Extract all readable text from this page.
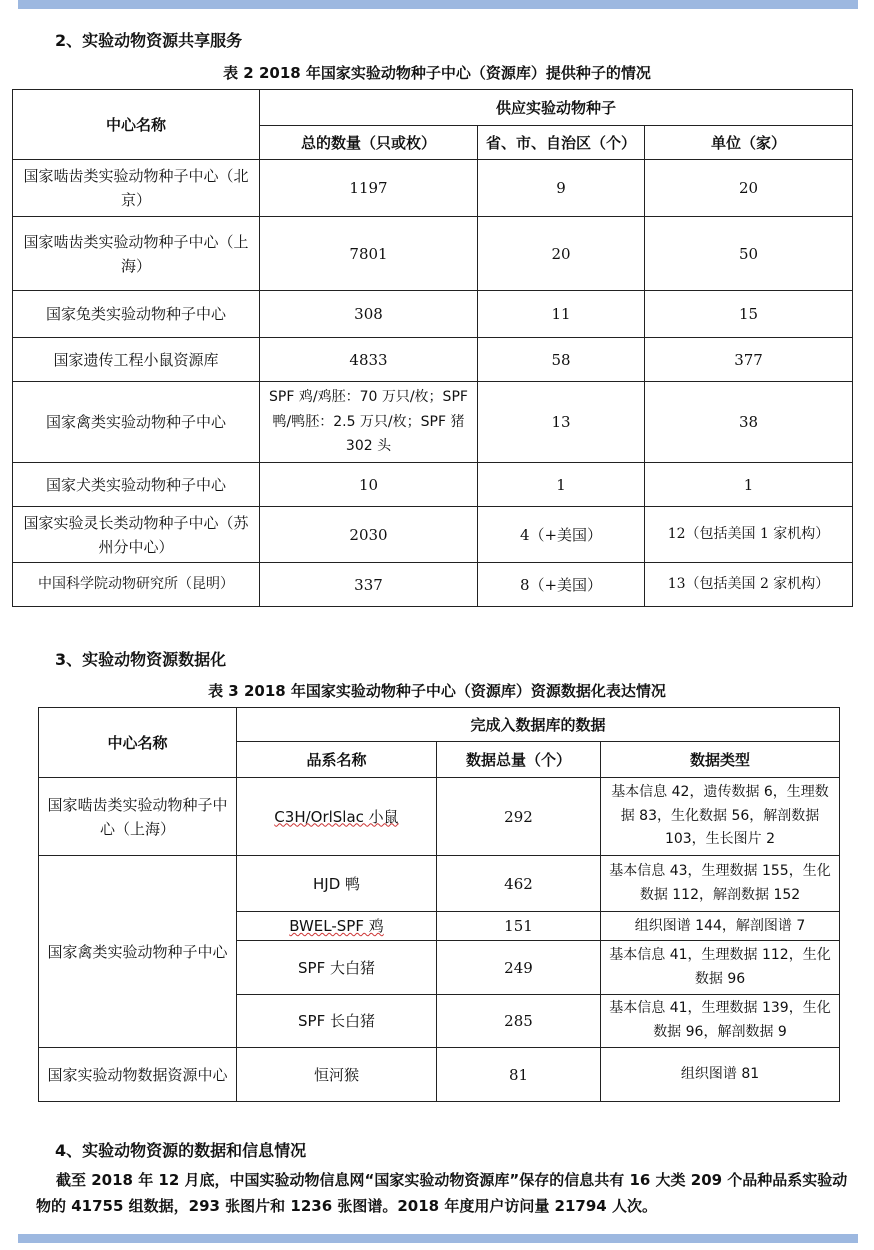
2、实验动物资源共享服务
表 2 2018 年国家实验动物种子中心（资源库）提供种子的情况
中心名称	供应实验动物种子		
	总的数量（只或枚）	省、市、自治区（个）	单位（家）
国家啮齿类实验动物种子中心（北京）	1197	9	20
国家啮齿类实验动物种子中心（上海）	7801	20	50
国家兔类实验动物种子中心	308	11	15
国家遗传工程小鼠资源库	4833	58	377
国家禽类实验动物种子中心	SPF 鸡/鸡胚：70 万只/枚；SPF 鸭/鸭胚：2.5 万只/枚；SPF 猪 302 头	13	38
国家犬类实验动物种子中心	10	1	1
国家实验灵长类动物种子中心（苏州分中心）	2030	4（+美国）	12（包括美国 1 家机构）
中国科学院动物研究所（昆明）	337	8（+美国）	13（包括美国 2 家机构）
3、实验动物资源数据化
表 3 2018 年国家实验动物种子中心（资源库）资源数据化表达情况
中心名称	完成入数据库的数据		
	品系名称	数据总量（个）	数据类型
国家啮齿类实验动物种子中心（上海）	C3H/OrlSlac 小鼠	292	基本信息 42，遗传数据 6，生理数据 83，生化数据 56，解剖数据 103，生长图片 2
国家禽类实验动物种子中心	HJD 鸭	462	基本信息 43，生理数据 155，生化数据 112，解剖数据 152
	BWEL-SPF 鸡	151	组织图谱 144，解剖图谱 7
	SPF 大白猪	249	基本信息 41，生理数据 112，生化数据 96
	SPF 长白猪	285	基本信息 41，生理数据 139，生化数据 96，解剖数据 9
国家实验动物数据资源中心	恒河猴	81	组织图谱 81
4、实验动物资源的数据和信息情况
截至 2018 年 12 月底，中国实验动物信息网“国家实验动物资源库”保存的信息共有 16 大类 209 个品种品系实验动物的 41755 组数据，293 张图片和 1236 张图谱。2018 年度用户访问量 21794 人次。
